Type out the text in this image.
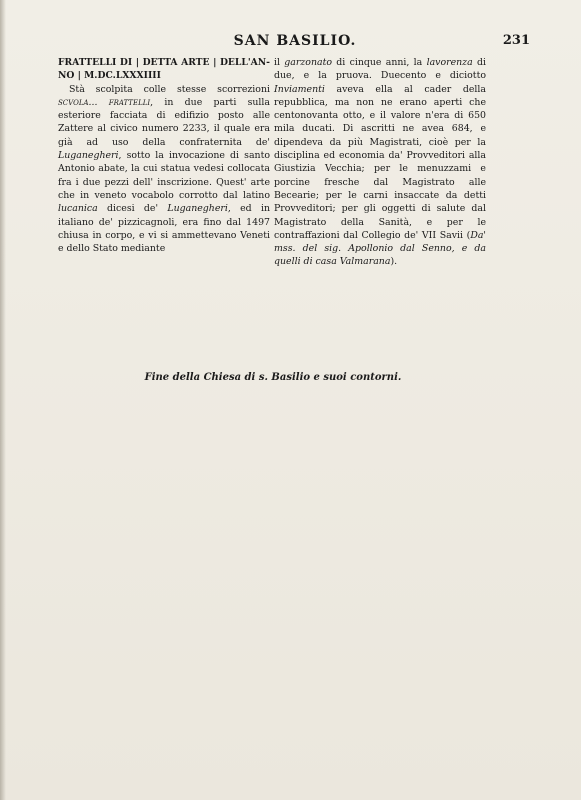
SAN BASILIO.	231

FRATTELLI DI | DETTA ARTE | DELL'AN- NO | M.DC.LXXXIIII

Stà scolpita colle stesse scorrezioni scvola... frattelli, in due parti sulla esteriore facciata di edifizio posto alle Zattere al civico numero 2233, il quale era già ad uso della confraternita de' Luganegheri, sotto la invocazione di santo Antonio abate, la cui statua vedesi collocata fra i due pezzi dell' inscrizione. Quest' arte che in veneto vocabolo corrotto dal latino lucanica dicesi de' Luganegheri, ed in italiano de' pizzicagnoli, era fino dal 1497 chiusa in corpo, e vi si ammettevano Veneti e dello Stato mediante

il garzonato di cinque anni, la lavorenza di due, e la pruova. Duecento e diciotto Inviamenti aveva ella al cader della repubblica, ma non ne erano aperti che centonovanta otto, e il valore n'era di 650 mila ducati. Di ascritti ne avea 684, e dipendeva da più Magistrati, cioè per la disciplina ed economia da' Provveditori alla Giustizia Vecchia; per le menuzzami e porcine fresche dal Magistrato alle Becearie; per le carni insaccate da detti Provveditori; per gli oggetti di salute dal Magistrato della Sanità, e per le contraffazioni dal Collegio de' VII Savii (Da' mss. del sig. Apollonio dal Senno, e da quelli di casa Valmarana).

Fine della Chiesa di s. Basilio e suoi contorni.
